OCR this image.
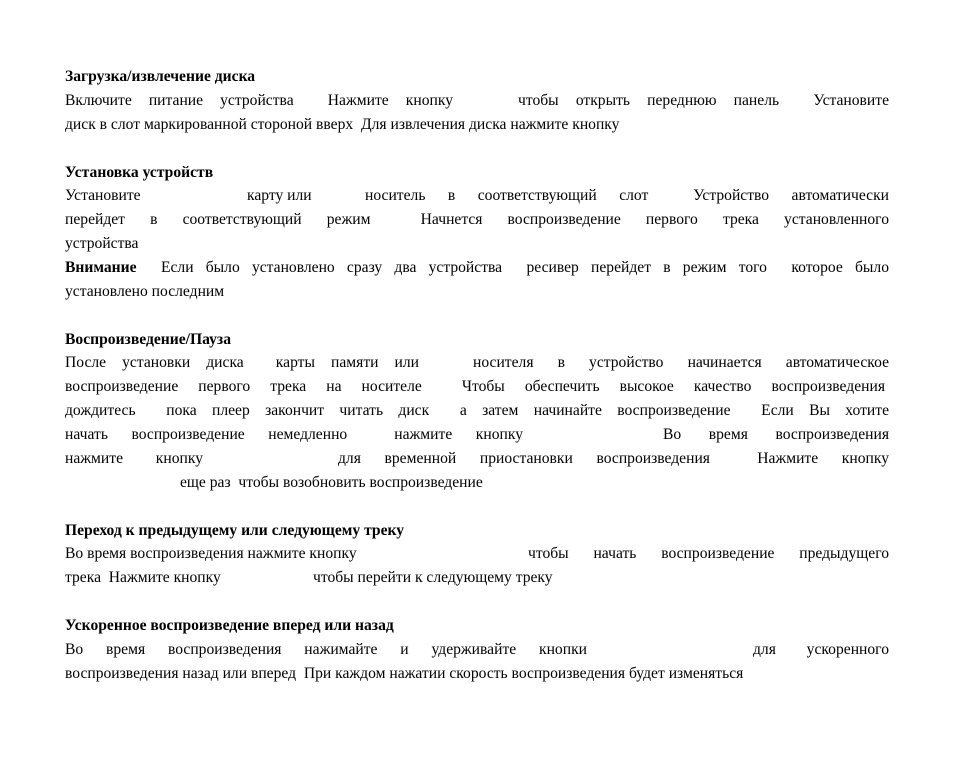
Загрузка/извлечение диска

Включите питание устройства  Нажмите кнопку

	чтобы открыть переднюю панель  Установите

диск в слот маркированной стороной вверх  Для извлечения диска нажмите кнопку
Установка устройств

Установите

	карту или

	носитель в соответствующий слот  Устройство автоматически

перейдет в соответствующий режим  Начнется воспроизведение первого трека установленного
устройства
Внимание  Если было установлено сразу два устройства  ресивер перейдет в режим того  которое было
установлено последним
Воспроизведение/Пауза

После установки диска  карты памяти или

	носителя в устройство начинается автоматическое

воспроизведение первого трека на носителе  Чтобы обеспечить высокое качество воспроизведения
дождитесь  пока плеер закончит читать диск  а затем начинайте воспроизведение  Если Вы хотите

начать воспроизведение немедленно  нажмите кнопку

	Во время воспроизведения

нажмите кнопку

	для временной приостановки воспроизведения  Нажмите кнопку

еще раз  чтобы возобновить воспроизведение
Переход к предыдущему или следующему треку

Во время воспроизведения нажмите кнопку

	чтобы начать воспроизведение предыдущего

трека  Нажмите кнопку

	чтобы перейти к следующему треку

Ускоренное воспроизведение вперед или назад

Во время воспроизведения нажимайте и удерживайте кнопки

	для ускоренного

воспроизведения назад или вперед  При каждом нажатии скорость воспроизведения будет изменяться
